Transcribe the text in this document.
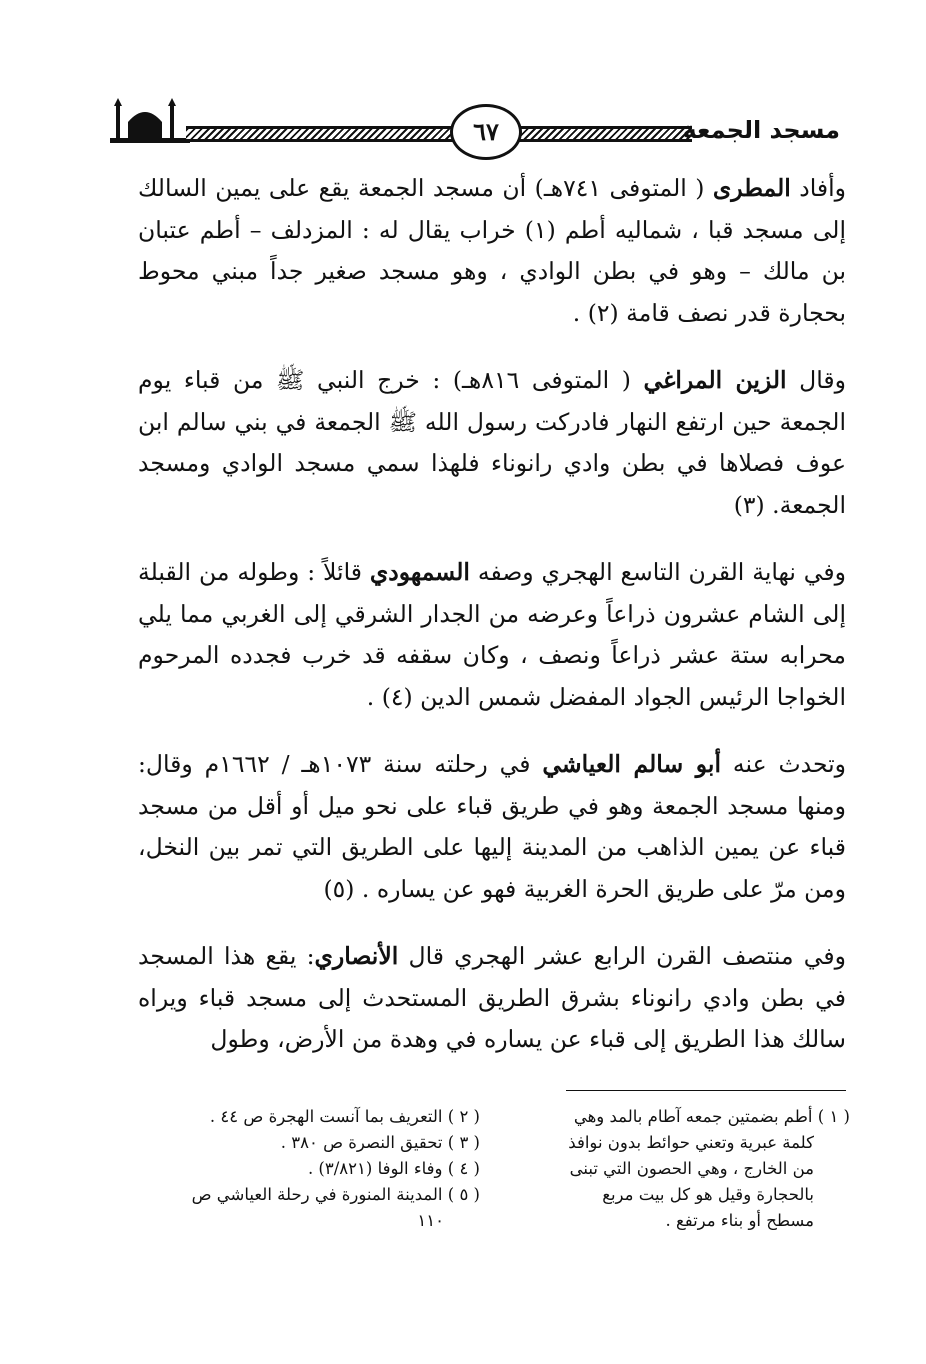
٦٧	مسجد الجمعة
وأفاد المطرى ( المتوفى ٧٤١هـ) أن مسجد الجمعة يقع على يمين السالك إلى مسجد قبا ، شماليه أطم (١) خراب يقال له : المزدلف – أطم عتبان بن مالك – وهو في بطن الوادي ، وهو مسجد صغير جداً مبني محوط بحجارة قدر نصف قامة (٢) .
وقال الزين المراغي ( المتوفى ٨١٦هـ) : خرج النبي ﷺ من قباء يوم الجمعة حين ارتفع النهار فادركت رسول الله ﷺ الجمعة في بني سالم ابن عوف فصلاها في بطن وادي رانوناء فلهذا سمي مسجد الوادي ومسجد الجمعة. (٣)
وفي نهاية القرن التاسع الهجري وصفه السمهودي قائلاً : وطوله من القبلة إلى الشام عشرون ذراعاً وعرضه من الجدار الشرقي إلى الغربي مما يلي محرابه ستة عشر ذراعاً ونصف ، وكان سقفه قد خرب فجدده المرحوم الخواجا الرئيس الجواد المفضل شمس الدين (٤) .
وتحدث عنه أبو سالم العياشي في رحلته سنة ١٠٧٣هـ / ١٦٦٢م وقال: ومنها مسجد الجمعة وهو في طريق قباء على نحو ميل أو أقل من مسجد قباء عن يمين الذاهب من المدينة إليها على الطريق التي تمر بين النخل، ومن مرّ على طريق الحرة الغربية فهو عن يساره . (٥)
وفي منتصف القرن الرابع عشر الهجري قال الأنصاري: يقع هذا المسجد في بطن وادي رانوناء بشرق الطريق المستحدث إلى مسجد قباء ويراه سالك هذا الطريق إلى قباء عن يساره في وهدة من الأرض، وطول
( ١ ) أطم بضمتين جمعه آطام بالمد وهي
كلمة عبرية وتعني حوائط بدون نوافذ
من الخارج ، وهي الحصون التي تبنى
بالحجارة وقيل هو كل بيت مربع
مسطح أو بناء مرتفع .
( ٢ ) التعريف بما آنست الهجرة ص ٤٤ .
( ٣ ) تحقيق النصرة ص ٣٨٠ .
( ٤ ) وفاء الوفا (٣/٨٢١) .
( ٥ ) المدينة المنورة في رحلة العياشي ص
١١٠
